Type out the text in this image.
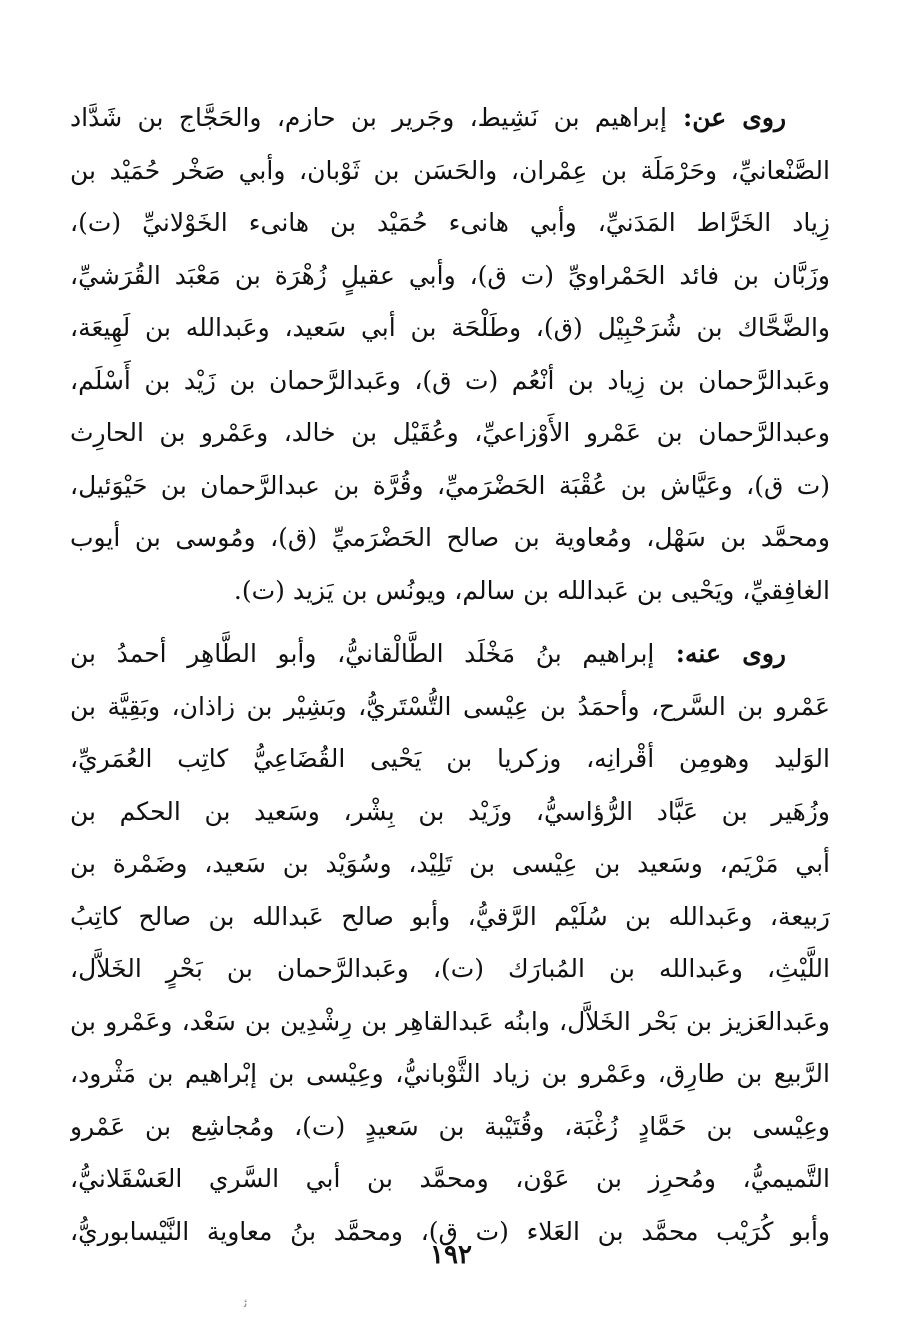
روى عن: إبراهيم بن نَشِيط، وجَرير بن حازم، والحَجَّاج بن شَدَّاد
الصَّنْعانيِّ، وحَرْمَلَة بن عِمْران، والحَسَن بن ثَوْبان، وأبي صَخْر حُمَيْد بن
زِياد الخَرَّاط المَدَنيِّ، وأبي هانىء حُمَيْد بن هانىء الخَوْلانيِّ (ت)،
وزَبَّان بن فائد الحَمْراويِّ (ت ق)، وأبي عقيلٍ زُهْرَة بن مَعْبَد القُرَشيِّ،
والضَّحَّاك بن شُرَحْبِيْل (ق)، وطَلْحَة بن أبي سَعيد، وعَبدالله بن لَهِيعَة،
وعَبدالرَّحمان بن زِياد بن أنْعُم (ت ق)، وعَبدالرَّحمان بن زَيْد بن أَسْلَم،
وعبدالرَّحمان بن عَمْرو الأَوْزاعيِّ، وعُقَيْل بن خالد، وعَمْرو بن الحارِث
(ت ق)، وعَيَّاش بن عُقْبَة الحَضْرَميِّ، وقُرَّة بن عبدالرَّحمان بن حَيْوَئيل،
ومحمَّد بن سَهْل، ومُعاوية بن صالح الحَضْرَميِّ (ق)، ومُوسى بن أيوب
الغافِقيِّ، ويَحْيى بن عَبدالله بن سالم، ويونُس بن يَزيد (ت).
روى عنه: إبراهيم بنُ مَخْلَد الطَّالْقانيُّ، وأبو الطَّاهِر أحمدُ بن
عَمْرو بن السَّرح، وأحمَدُ بن عِيْسى التُّسْتَريُّ، وبَشِيْر بن زاذان، وبَقِيَّة بن
الوَليد وهومِن أقْرانِه، وزكريا بن يَحْيى القُضَاعِيُّ كاتِب العُمَريِّ،
وزُهَير بن عَبَّاد الرُّؤاسيُّ، وزَيْد بن بِشْر، وسَعيد بن الحكم بن
أبي مَرْيَم، وسَعيد بن عِيْسى بن تَلِيْد، وسُوَيْد بن سَعيد، وضَمْرة بن
رَبيعة، وعَبدالله بن سُلَيْم الرَّقيُّ، وأبو صالح عَبدالله بن صالح كاتِبُ
اللَّيْثِ، وعَبدالله بن المُبارَك (ت)، وعَبدالرَّحمان بن بَحْرٍ الخَلاَّل،
وعَبدالعَزيز بن بَحْر الخَلاَّل، وابنُه عَبدالقاهِر بن رِشْدِين بن سَعْد، وعَمْرو بن
الرَّبيع بن طارِق، وعَمْرو بن زياد الثَّوْبانيُّ، وعِيْسى بن إبْراهيم بن مَثْرود،
وعِيْسى بن حَمَّادٍ زُغْبَة، وقُتَيْبة بن سَعيدٍ (ت)، ومُجاشِع بن عَمْرو
التَّميميُّ، ومُحرِز بن عَوْن، ومحمَّد بن أبي السَّري العَسْقَلانيُّ،
وأبو كُرَيْب محمَّد بن العَلاء (ت ق)، ومحمَّد بنُ معاوية النَّيْسابوريُّ،
١٩٢
ﺋ
